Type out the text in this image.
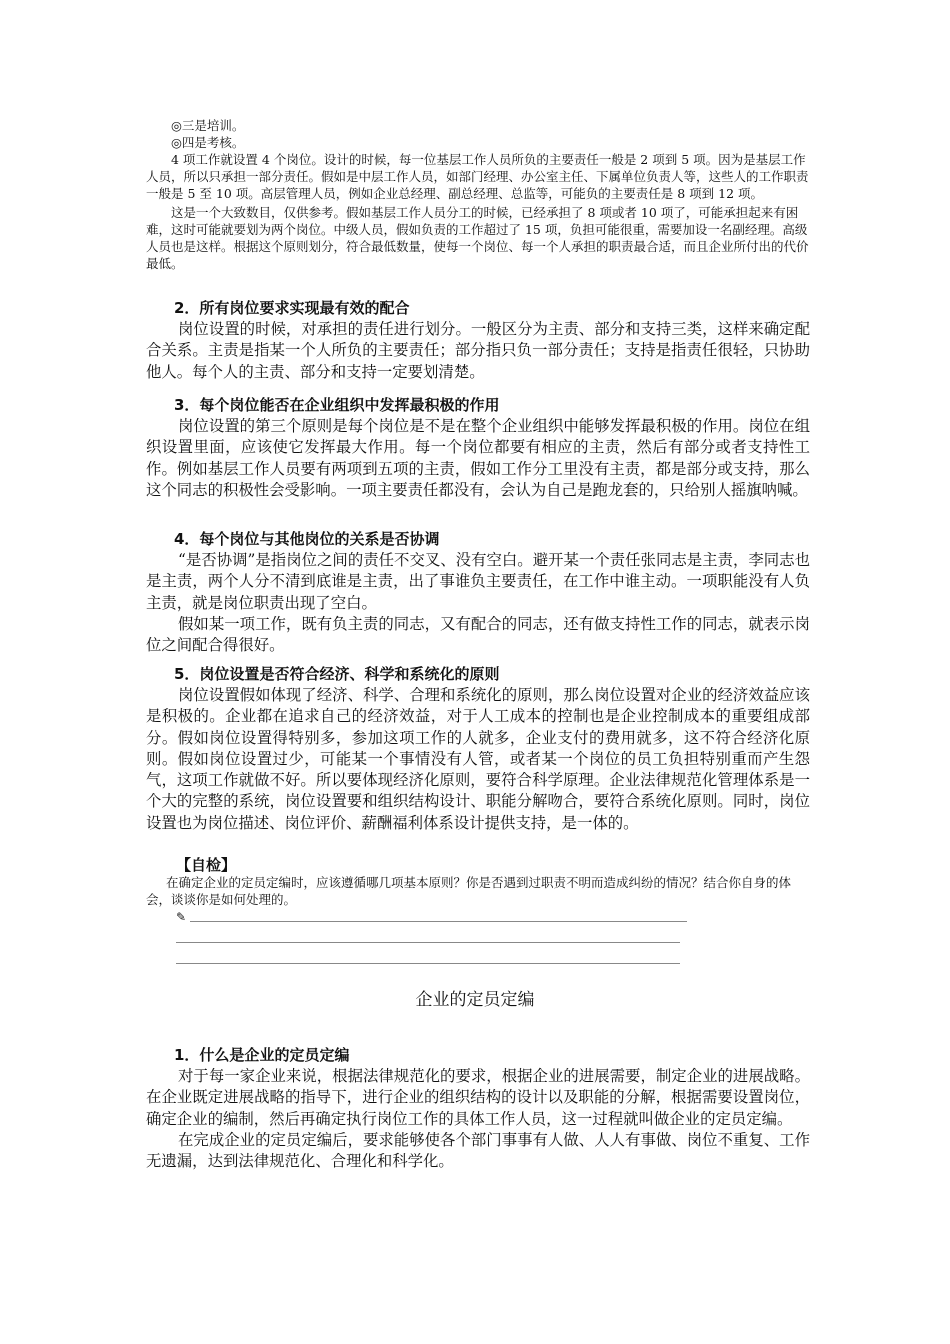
◎三是培训。

◎四是考核。

4 项工作就设置 4 个岗位。设计的时候，每一位基层工作人员所负的主要责任一般是 2 项到 5 项。因为是基层工作人员，所以只承担一部分责任。假如是中层工作人员，如部门经理、办公室主任、下属单位负责人等，这些人的工作职责一般是 5 至 10 项。高层管理人员，例如企业总经理、副总经理、总监等，可能负的主要责任是 8 项到 12 项。

这是一个大致数目，仅供参考。假如基层工作人员分工的时候，已经承担了 8 项或者 10 项了，可能承担起来有困难，这时可能就要划为两个岗位。中级人员，假如负责的工作超过了 15 项，负担可能很重，需要加设一名副经理。高级人员也是这样。根据这个原则划分，符合最低数量，使每一个岗位、每一个人承担的职责最合适，而且企业所付出的代价最低。

2．所有岗位要求实现最有效的配合

岗位设置的时候，对承担的责任进行划分。一般区分为主责、部分和支持三类，这样来确定配合关系。主责是指某一个人所负的主要责任；部分指只负一部分责任；支持是指责任很轻，只协助他人。每个人的主责、部分和支持一定要划清楚。

3．每个岗位能否在企业组织中发挥最积极的作用

岗位设置的第三个原则是每个岗位是不是在整个企业组织中能够发挥最积极的作用。岗位在组织设置里面，应该使它发挥最大作用。每一个岗位都要有相应的主责，然后有部分或者支持性工作。例如基层工作人员要有两项到五项的主责，假如工作分工里没有主责，都是部分或支持，那么这个同志的积极性会受影响。一项主要责任都没有，会认为自己是跑龙套的，只给别人摇旗呐喊。

4．每个岗位与其他岗位的关系是否协调

“是否协调”是指岗位之间的责任不交叉、没有空白。避开某一个责任张同志是主责，李同志也是主责，两个人分不清到底谁是主责，出了事谁负主要责任，在工作中谁主动。一项职能没有人负主责，就是岗位职责出现了空白。

假如某一项工作，既有负主责的同志，又有配合的同志，还有做支持性工作的同志，就表示岗位之间配合得很好。

5．岗位设置是否符合经济、科学和系统化的原则

岗位设置假如体现了经济、科学、合理和系统化的原则，那么岗位设置对企业的经济效益应该是积极的。企业都在追求自己的经济效益，对于人工成本的控制也是企业控制成本的重要组成部分。假如岗位设置得特别多，参加这项工作的人就多，企业支付的费用就多，这不符合经济化原则。假如岗位设置过少，可能某一个事情没有人管，或者某一个岗位的员工负担特别重而产生怨气，这项工作就做不好。所以要体现经济化原则，要符合科学原理。企业法律规范化管理体系是一个大的完整的系统，岗位设置要和组织结构设计、职能分解吻合，要符合系统化原则。同时，岗位设置也为岗位描述、岗位评价、薪酬福利体系设计提供支持，是一体的。

【自检】

在确定企业的定员定编时，应该遵循哪几项基本原则？你是否遇到过职责不明而造成纠纷的情况？结合你自身的体会，谈谈你是如何处理的。

✎
企业的定员定编
1．什么是企业的定员定编

对于每一家企业来说，根据法律规范化的要求，根据企业的进展需要，制定企业的进展战略。在企业既定进展战略的指导下，进行企业的组织结构的设计以及职能的分解，根据需要设置岗位，确定企业的编制，然后再确定执行岗位工作的具体工作人员，这一过程就叫做企业的定员定编。

在完成企业的定员定编后，要求能够使各个部门事事有人做、人人有事做、岗位不重复、工作无遗漏，达到法律规范化、合理化和科学化。
